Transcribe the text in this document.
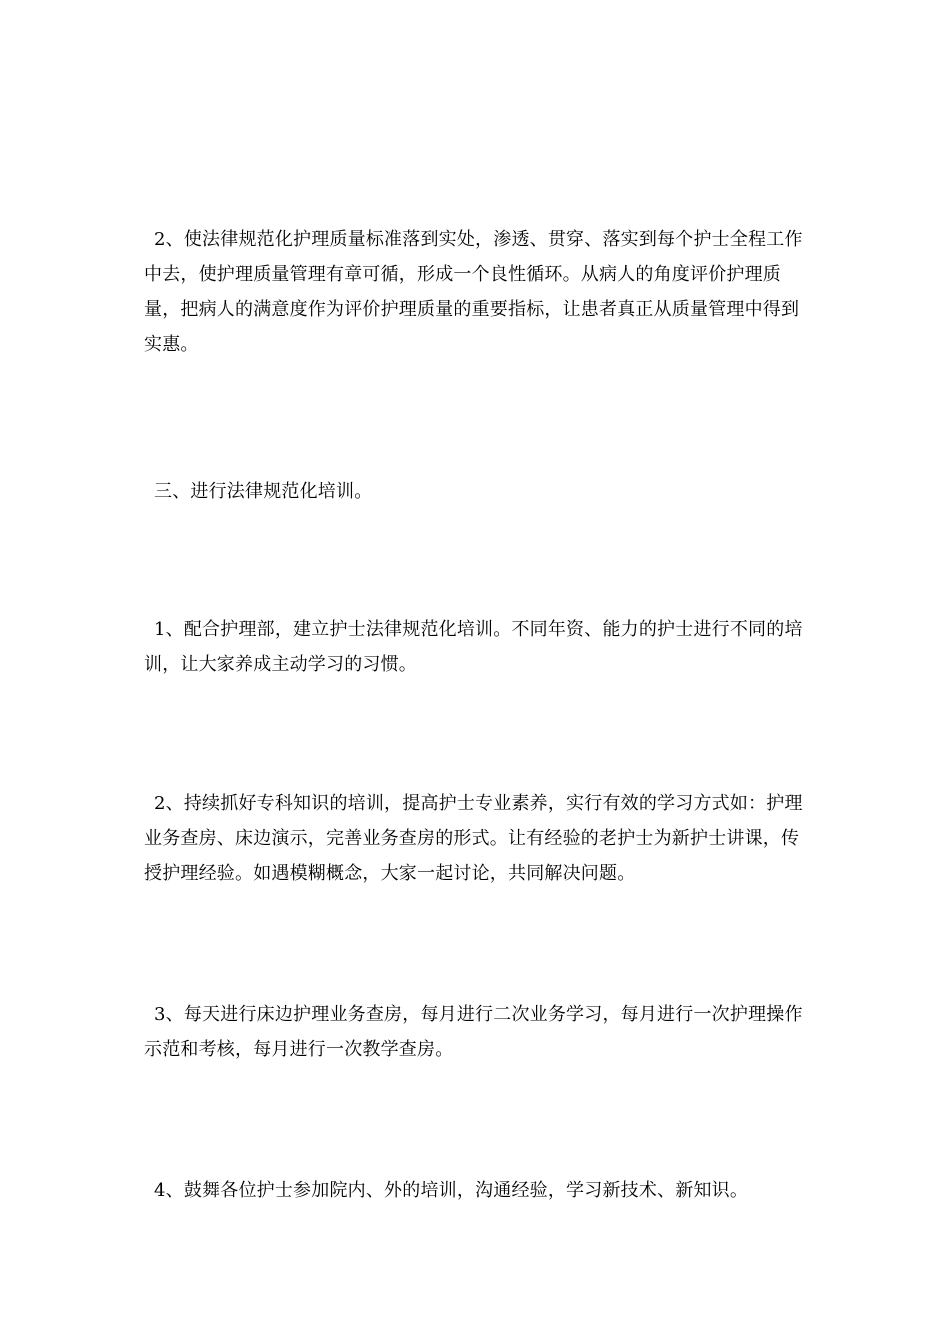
2、使法律规范化护理质量标准落到实处，渗透、贯穿、落实到每个护士全程工作中去，使护理质量管理有章可循，形成一个良性循环。从病人的角度评价护理质量，把病人的满意度作为评价护理质量的重要指标，让患者真正从质量管理中得到实惠。

三、进行法律规范化培训。

1、配合护理部，建立护士法律规范化培训。不同年资、能力的护士进行不同的培训，让大家养成主动学习的习惯。

2、持续抓好专科知识的培训，提高护士专业素养，实行有效的学习方式如：护理业务查房、床边演示，完善业务查房的形式。让有经验的老护士为新护士讲课，传授护理经验。如遇模糊概念，大家一起讨论，共同解决问题。

3、每天进行床边护理业务查房，每月进行二次业务学习，每月进行一次护理操作示范和考核，每月进行一次教学查房。

4、鼓舞各位护士参加院内、外的培训，沟通经验，学习新技术、新知识。
